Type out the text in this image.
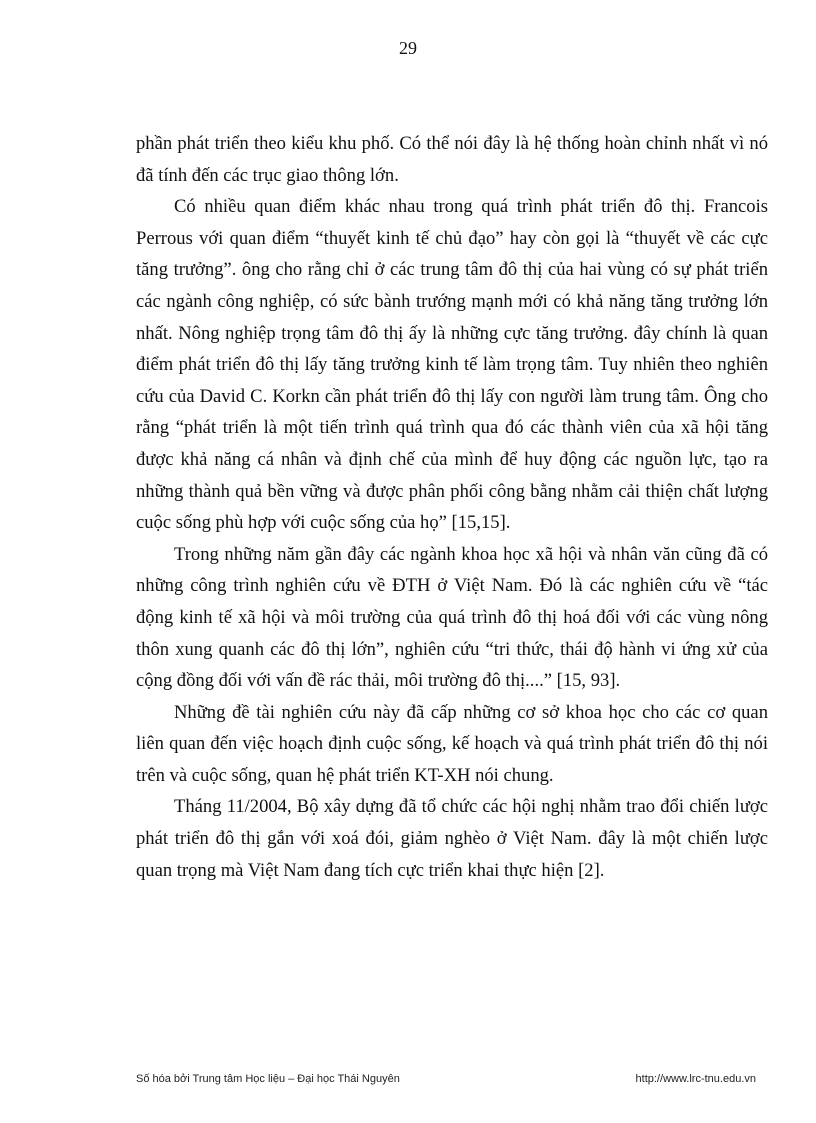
29

phần phát triển theo kiểu khu phố. Có thể nói đây là hệ thống hoàn chỉnh nhất vì nó đã tính đến các trục giao thông lớn.

Có nhiều quan điểm khác nhau trong quá trình phát triển đô thị. Francois Perrous với quan điểm “thuyết kinh tế chủ đạo” hay còn gọi là “thuyết về các cực tăng trưởng”. ông cho rằng chỉ ở các trung tâm đô thị của hai vùng có sự phát triển các ngành công nghiệp, có sức bành trướng mạnh mới có khả năng tăng trưởng lớn nhất. Nông nghiệp trọng tâm đô thị ấy là những cực tăng trưởng. đây chính là quan điểm phát triển đô thị lấy tăng trưởng kinh tế làm trọng tâm. Tuy nhiên theo nghiên cứu của David C. Korkn cần phát triển đô thị lấy con người làm trung tâm. Ông cho rằng “phát triển là một tiến trình quá trình qua đó các thành viên của xã hội tăng được khả năng cá nhân và định chế của mình để huy động các nguồn lực, tạo ra những thành quả bền vững và được phân phối công bằng nhằm cải thiện chất lượng cuộc sống phù hợp với cuộc sống của họ” [15,15].

Trong những năm gần đây các ngành khoa học xã hội và nhân văn cũng đã có những công trình nghiên cứu về ĐTH ở Việt Nam. Đó là các nghiên cứu về “tác động kinh tế xã hội và môi trường của quá trình đô thị hoá đối với các vùng nông thôn xung quanh các đô thị lớn”, nghiên cứu “tri thức, thái độ hành vi ứng xử của cộng đồng đối với vấn đề rác thải, môi trường đô thị....” [15, 93].

Những đề tài nghiên cứu này đã cấp những cơ sở khoa học cho các cơ quan liên quan đến việc hoạch định cuộc sống, kế hoạch và quá trình phát triển đô thị nói trên và cuộc sống, quan hệ phát triển KT-XH nói chung.

Tháng 11/2004, Bộ xây dựng đã tổ chức các hội nghị nhằm trao đổi chiến lược phát triển đô thị gắn với xoá đói, giảm nghèo ở Việt Nam. đây là một chiến lược quan trọng mà Việt Nam đang tích cực triển khai thực hiện [2].

Số hóa bởi Trung tâm Học liệu – Đại học Thái Nguyên	http://www.lrc-tnu.edu.vn
